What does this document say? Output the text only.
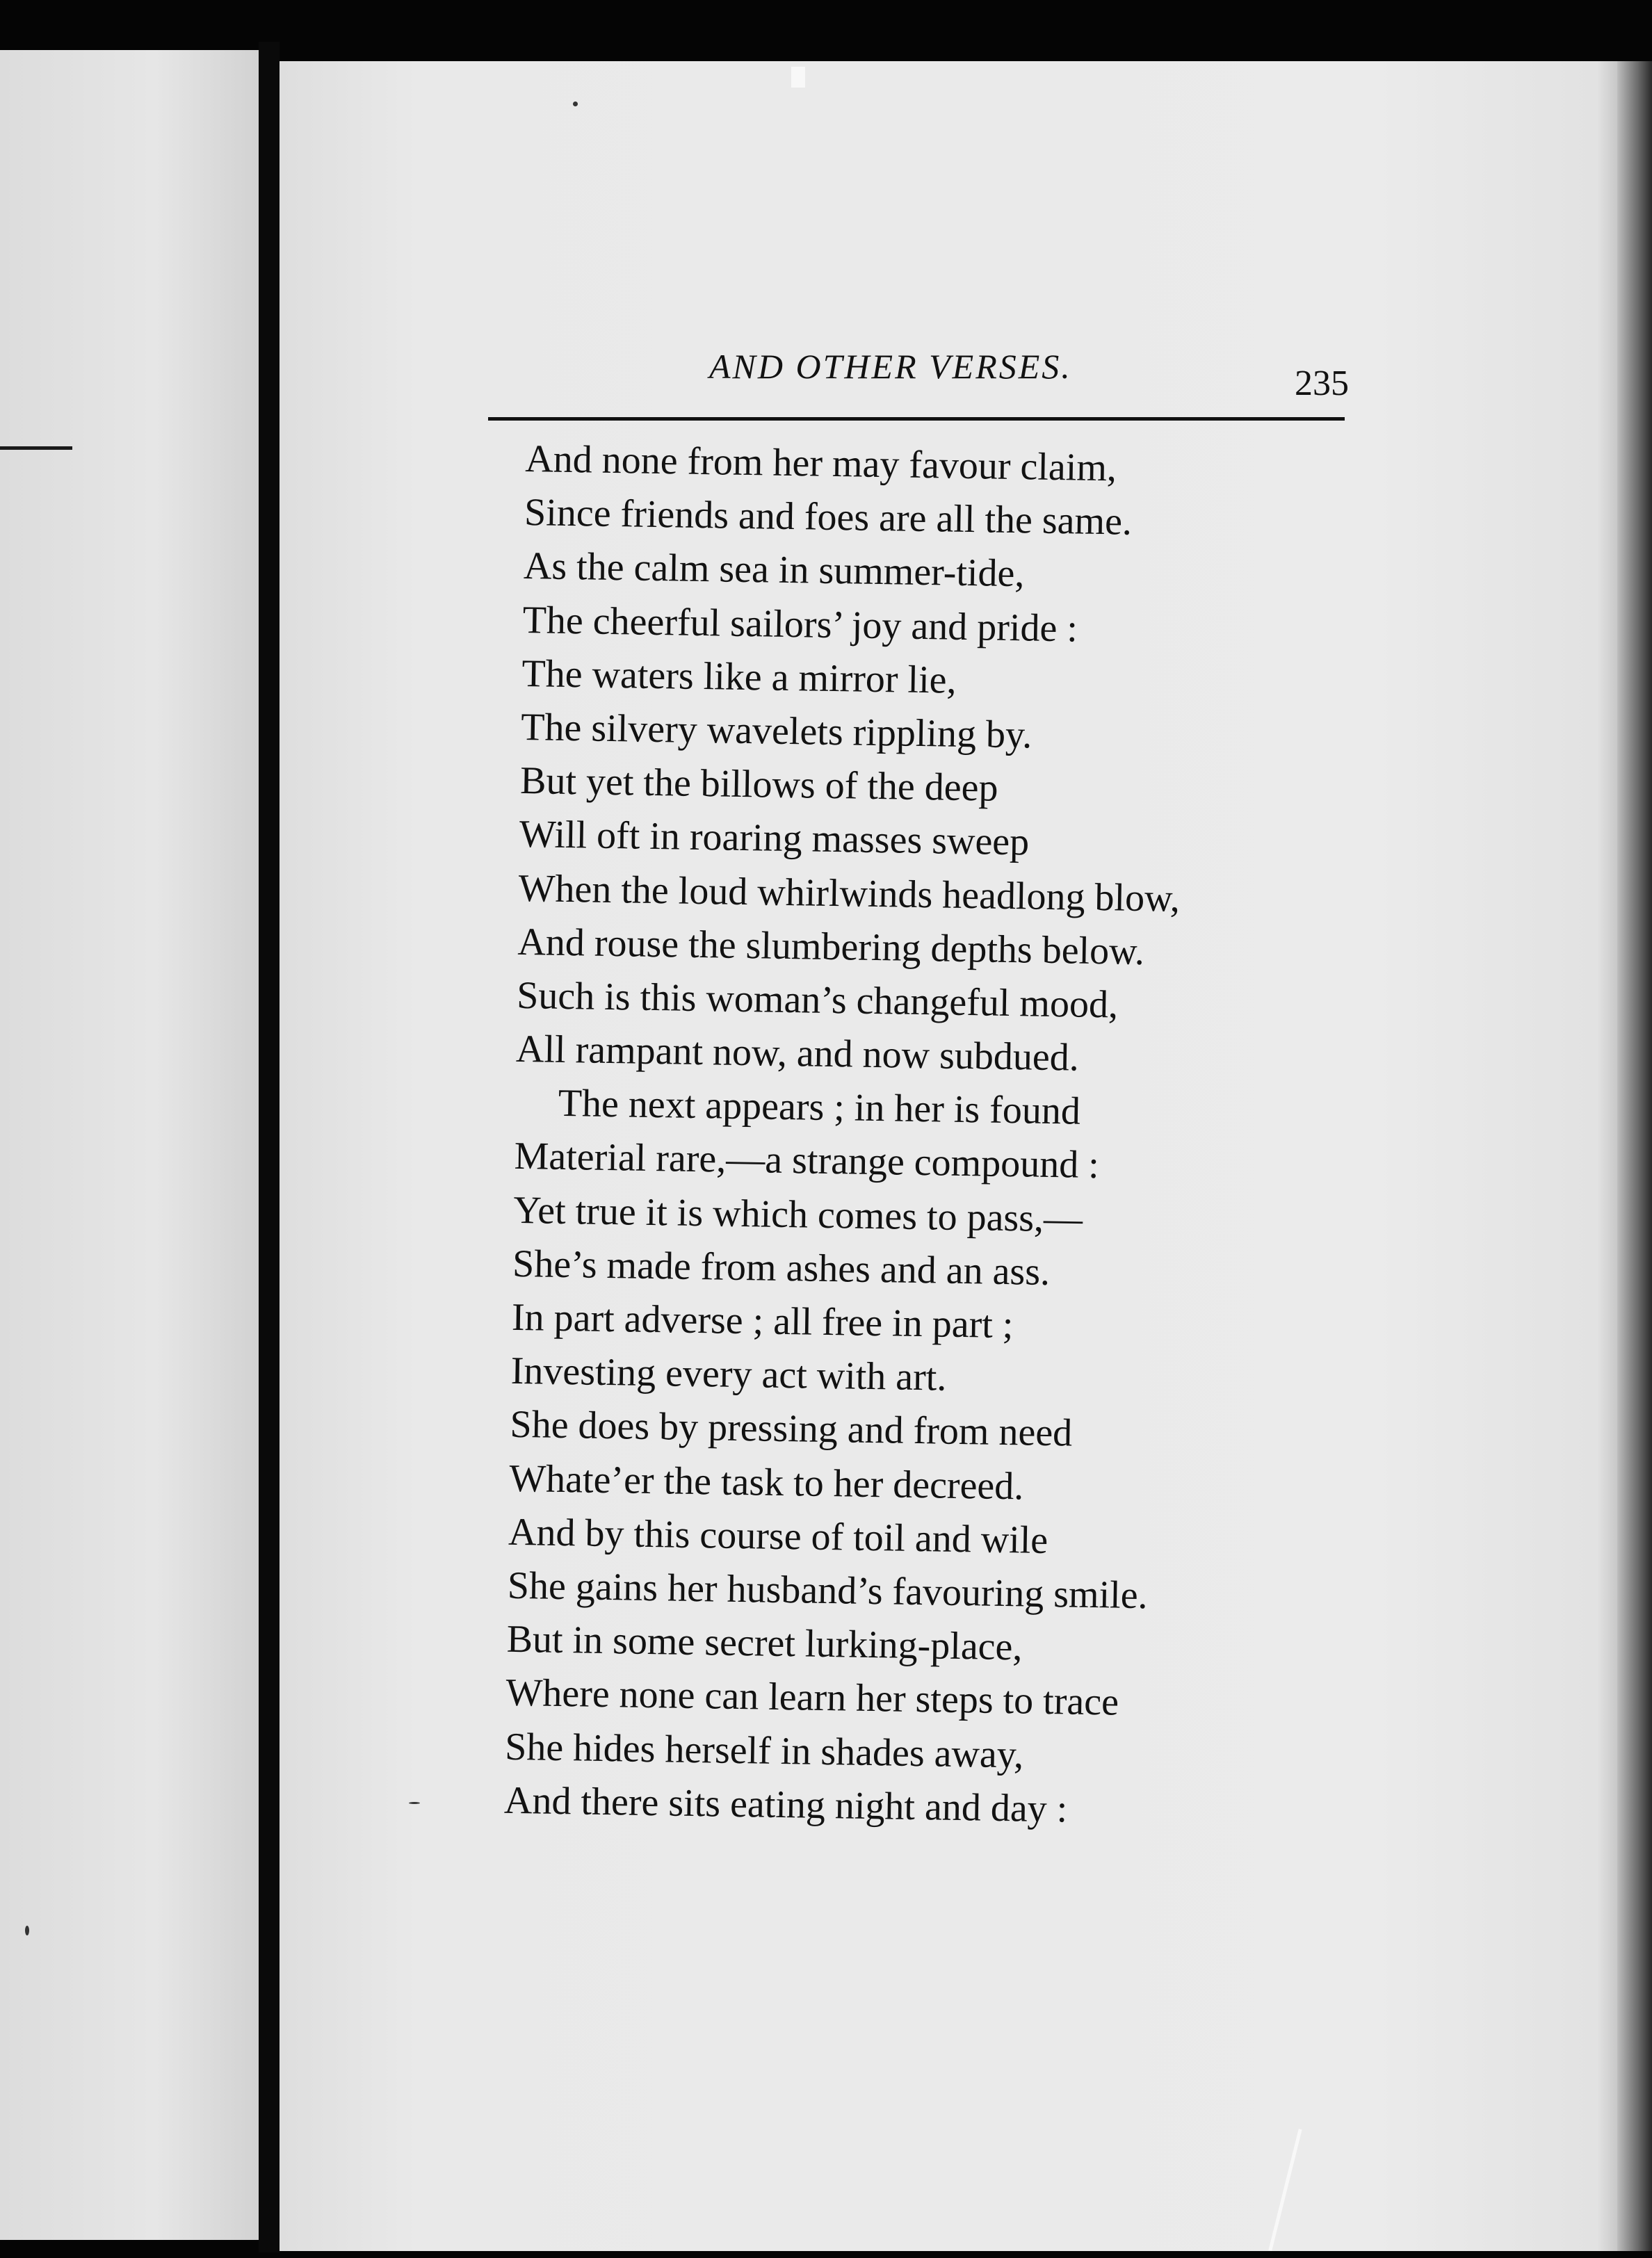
AND OTHER VERSES.	235
And none from her may favour claim,
Since friends and foes are all the same.
As the calm sea in summer-tide,
The cheerful sailors’ joy and pride :
The waters like a mirror lie,
The silvery wavelets rippling by.
But yet the billows of the deep
Will oft in roaring masses sweep
When the loud whirlwinds headlong blow,
And rouse the slumbering depths below.
Such is this woman’s changeful mood,
All rampant now, and now subdued.
The next appears ; in her is found
Material rare,—a strange compound :
Yet true it is which comes to pass,—
She’s made from ashes and an ass.
In part adverse ; all free in part ;
Investing every act with art.
She does by pressing and from need
Whate’er the task to her decreed.
And by this course of toil and wile
She gains her husband’s favouring smile.
But in some secret lurking-place,
Where none can learn her steps to trace
She hides herself in shades away,
And there sits eating night and day :
